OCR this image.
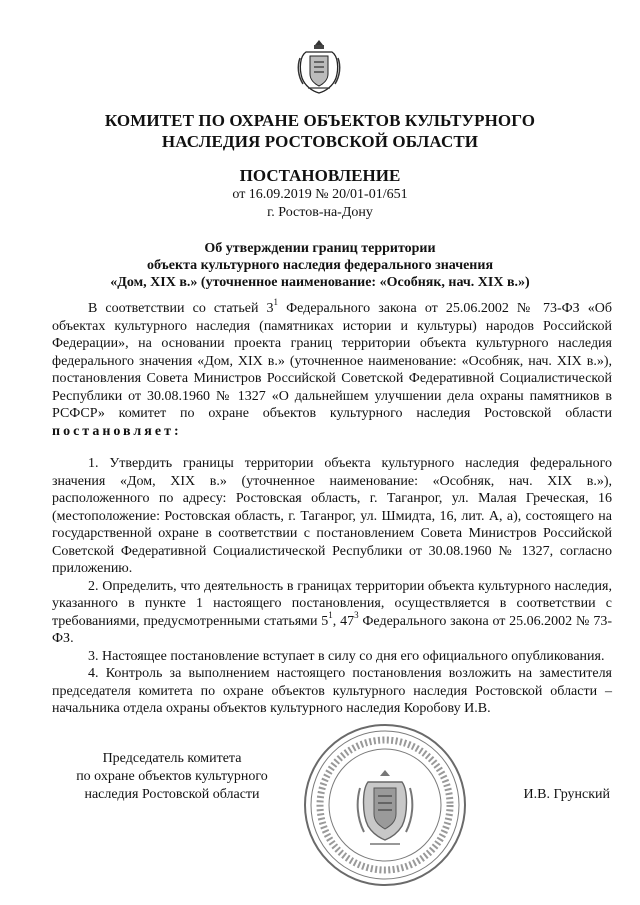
КОМИТЕТ ПО ОХРАНЕ ОБЪЕКТОВ КУЛЬТУРНОГО
НАСЛЕДИЯ РОСТОВСКОЙ ОБЛАСТИ
ПОСТАНОВЛЕНИЕ
от 16.09.2019 № 20/01-01/651
г. Ростов-на-Дону
Об утверждении границ территории
объекта культурного наследия федерального значения
«Дом, XIX в.» (уточненное наименование: «Особняк, нач. XIX в.»)
В соответствии со статьей $3^1$ Федерального закона от 25.06.2002 № 73-ФЗ «Об объектах культурного наследия (памятниках истории и культуры) народов Российской Федерации», на основании проекта границ территории объекта культурного наследия федерального значения «Дом, XIX в.» (уточненное наименование: «Особняк, нач. XIX в.»), постановления Совета Министров Российской Советской Федеративной Социалистической Республики от 30.08.1960 № 1327 «О дальнейшем улучшении дела охраны памятников в РСФСР» комитет по охране объектов культурного наследия Ростовской области постановляет:
1. Утвердить границы территории объекта культурного наследия федерального значения «Дом, XIX в.» (уточненное наименование: «Особняк, нач. XIX в.»), расположенного по адресу: Ростовская область, г. Таганрог, ул. Малая Греческая, 16 (местоположение: Ростовская область, г. Таганрог, ул. Шмидта, 16, лит. А, а), состоящего на государственной охране в соответствии с постановлением Совета Министров Российской Советской Федеративной Социалистической Республики от 30.08.1960 № 1327, согласно приложению.
2. Определить, что деятельность в границах территории объекта культурного наследия, указанного в пункте 1 настоящего постановления, осуществляется в соответствии с требованиями, предусмотренными статьями $5^1$, $47^3$ Федерального закона от 25.06.2002 № 73-ФЗ.
3. Настоящее постановление вступает в силу со дня его официального опубликования.
4. Контроль за выполнением настоящего постановления возложить на заместителя председателя комитета по охране объектов культурного наследия Ростовской области – начальника отдела охраны объектов культурного наследия Коробову И.В.
Председатель комитета
по охране объектов культурного
наследия Ростовской области	И.В. Грунский
